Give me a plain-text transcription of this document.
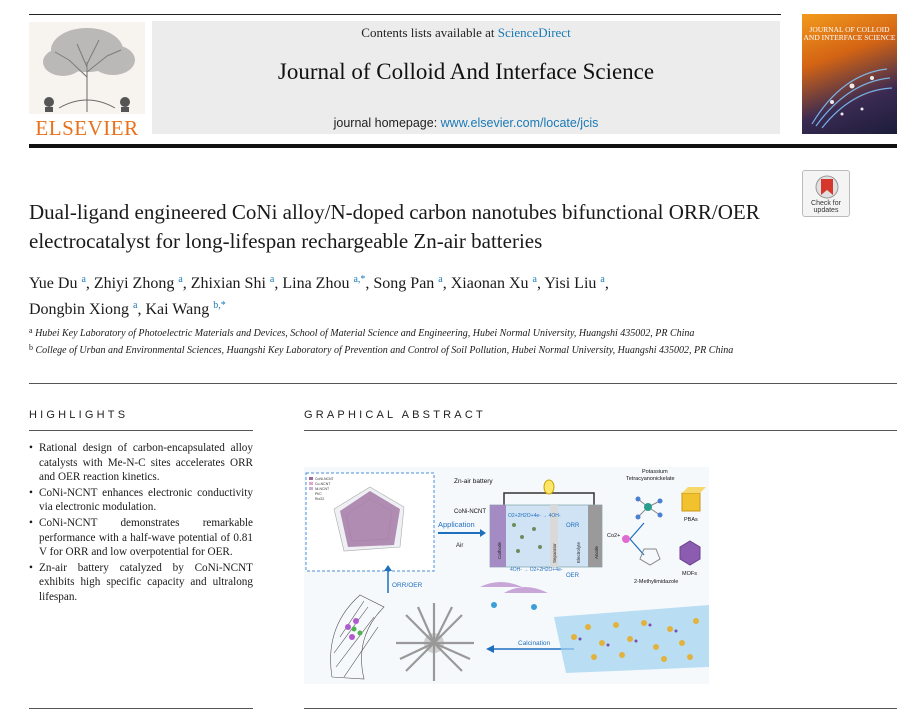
ELSEVIER
Contents lists available at ScienceDirect
Journal of Colloid And Interface Science
journal homepage: www.elsevier.com/locate/jcis
JOURNAL OF COLLOID AND INTERFACE SCIENCE
Check for
updates
Dual-ligand engineered CoNi alloy/N-doped carbon nanotubes bifunctional ORR/OER electrocatalyst for long-lifespan rechargeable Zn-air batteries
Yue Du $^a$, Zhiyi Zhong $^a$, Zhixian Shi $^a$, Lina Zhou $^{a,*}$, Song Pan $^a$, Xiaonan Xu $^a$, Yisi Liu $^a$,
Dongbin Xiong $^a$, Kai Wang $^{b,*}$
$^a$ Hubei Key Laboratory of Photoelectric Materials and Devices, School of Material Science and Engineering, Hubei Normal University, Huangshi 435002, PR China
$^b$ College of Urban and Environmental Sciences, Huangshi Key Laboratory of Prevention and Control of Soil Pollution, Hubei Normal University, Huangshi 435002, PR China
HIGHLIGHTS
• Rational design of carbon-encapsulated alloy catalysts with Me-N-C sites accelerates ORR and OER reaction kinetics.
• CoNi-NCNT enhances electronic conductivity via electronic modulation.
• CoNi-NCNT demonstrates remarkable performance with a half-wave potential of 0.81 V for ORR and low overpotential for OER.
• Zn-air battery catalyzed by CoNi-NCNT exhibits high specific capacity and ultralong lifespan.
GRAPHICAL ABSTRACT
CoNi-NCNT
Co-NCNT
Ni-NCNT
Pt/C
RuO2
Application
Air
Zn-air battery
CoNi-NCNT
O2+2H2O+4e- → 4OH-
ORR
4OH- → O2+2H2O+4e-
OER
Cathode	Separator	Electrolyte	Anode
Potassium
Tetracyanonickelate
Co2+
PBAs
MOFs
2-Methylimidazole
ORR/OER
Calcination
